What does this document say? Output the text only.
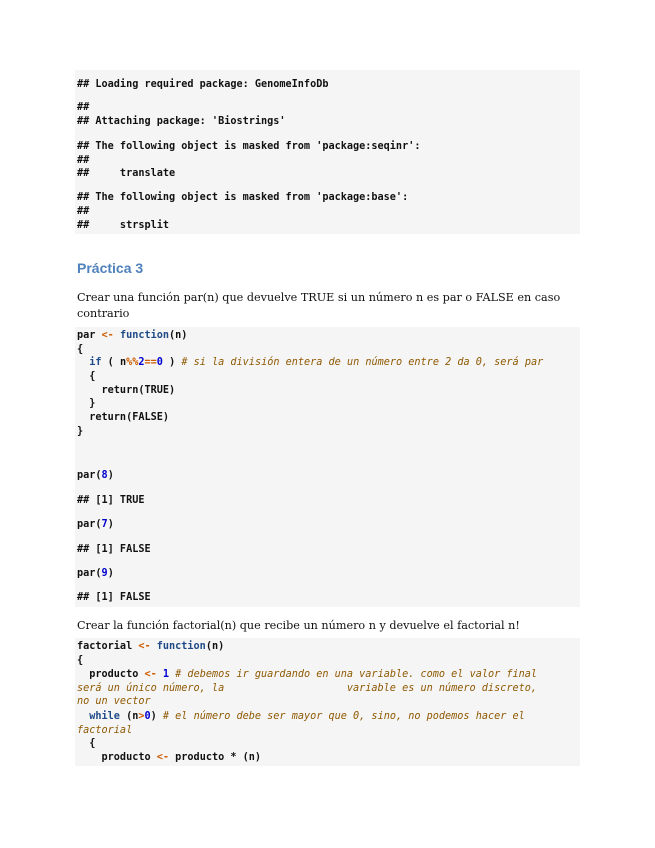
## Loading required package: GenomeInfoDb
##
## Attaching package: 'Biostrings'
## The following object is masked from 'package:seqinr':
##
##     translate
## The following object is masked from 'package:base':
##
##     strsplit
Práctica 3
Crear una función par(n) que devuelve TRUE si un número n es par o FALSE en caso contrario
par <- function(n)
{
if ( n%%2==0 ) # si la división entera de un número entre 2 da 0, será par
{
return(TRUE)
}
return(FALSE)
}
par(8)
## [1] TRUE
par(7)
## [1] FALSE
par(9)
## [1] FALSE
Crear la función factorial(n) que recibe un número n y devuelve el factorial n!
factorial <- function(n)
{
producto <- 1 # debemos ir guardando en una variable. como el valor final
será un único número, la                    variable es un número discreto,
no un vector
while (n>0) # el número debe ser mayor que 0, sino, no podemos hacer el
factorial
{
producto <- producto * (n)
